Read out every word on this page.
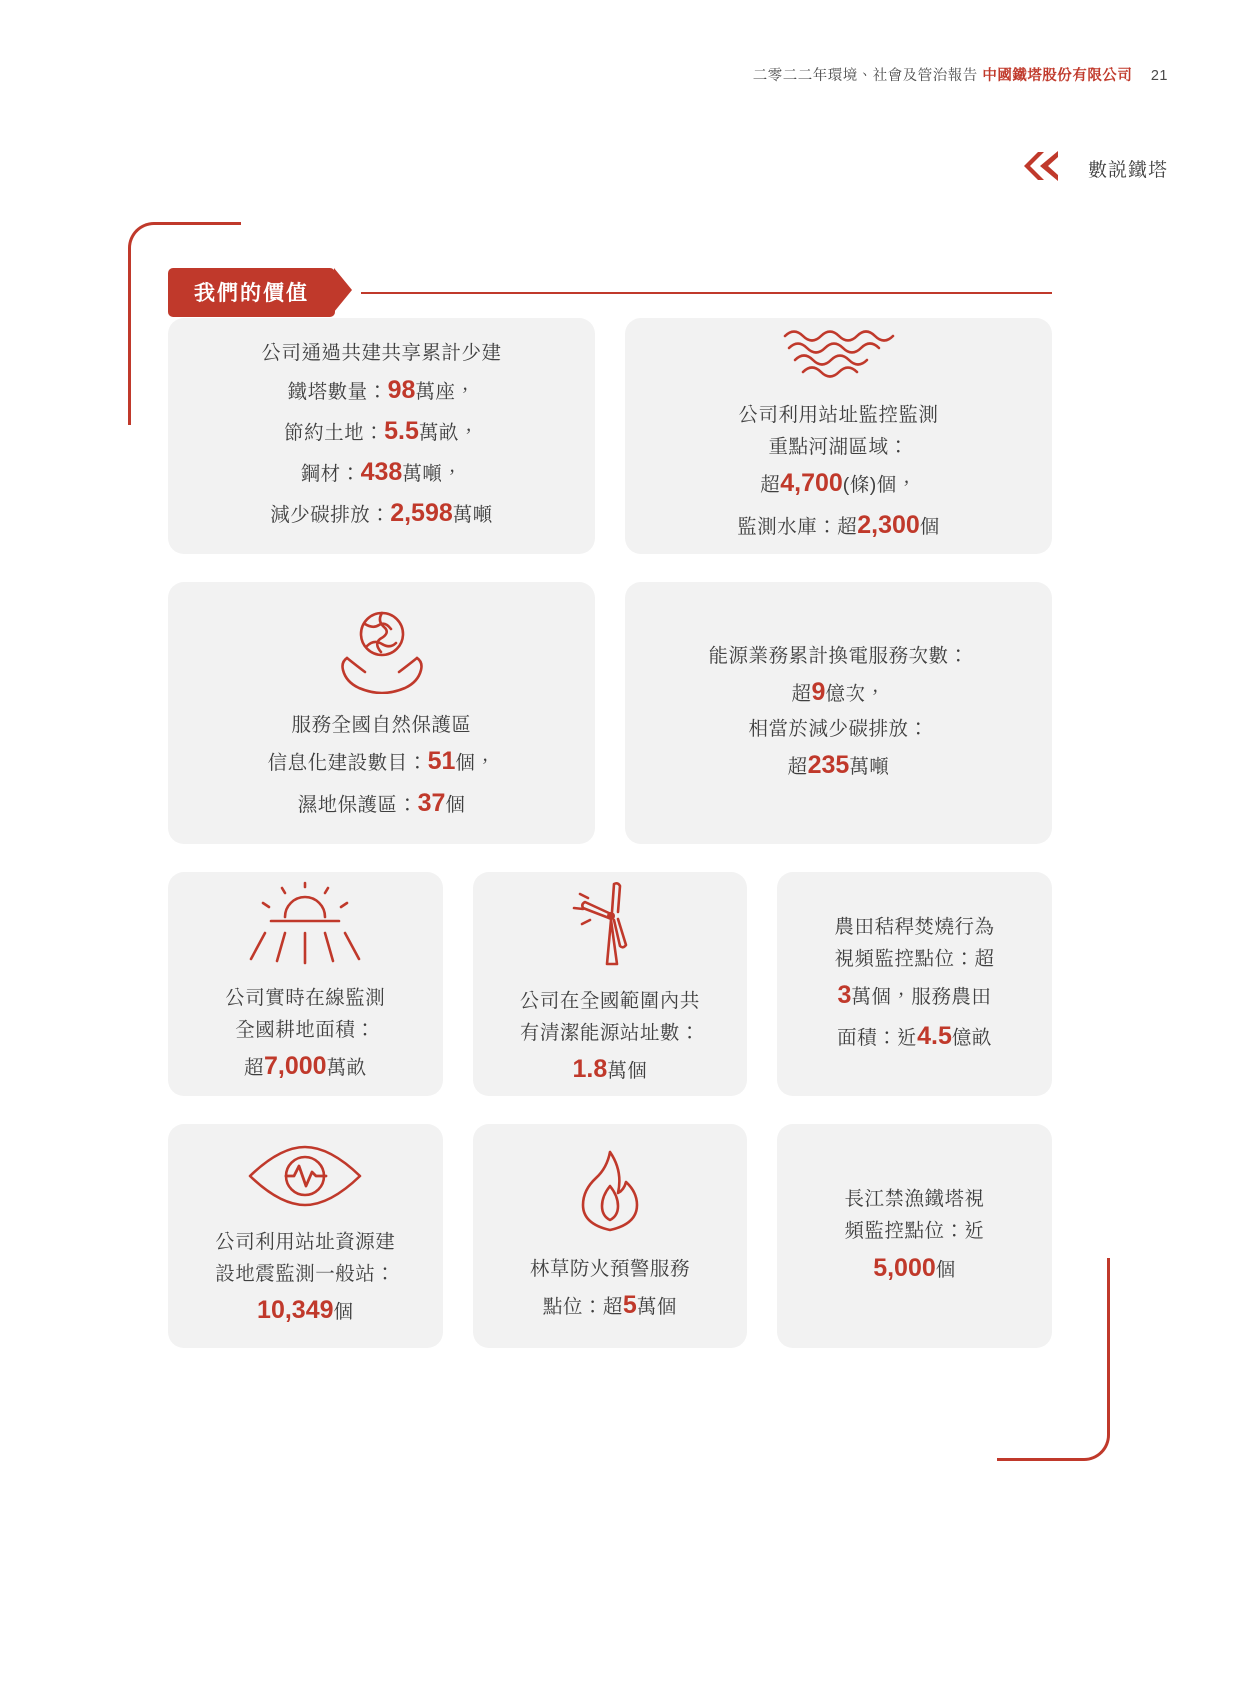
二零二二年環境、社會及管治報告 中國鐵塔股份有限公司 21
數説鐵塔
我們的價值
公司通過共建共享累計少建
鐵塔數量：98萬座，
節約土地：5.5萬畝，
鋼材：438萬噸，
減少碳排放：2,598萬噸
公司利用站址監控監測
重點河湖區域：
超4,700(條)個，
監測水庫：超2,300個
服務全國自然保護區
信息化建設數目：51個，
濕地保護區：37個
能源業務累計換電服務次數：
超9億次，
相當於減少碳排放：
超235萬噸
公司實時在線監測
全國耕地面積：
超7,000萬畝
公司在全國範圍內共
有清潔能源站址數：
1.8萬個
農田秸稈焚燒行為
視頻監控點位：超
3萬個，服務農田
面積：近4.5億畝
公司利用站址資源建
設地震監測一般站：
10,349個
林草防火預警服務
點位：超5萬個
長江禁漁鐵塔視
頻監控點位：近
5,000個
